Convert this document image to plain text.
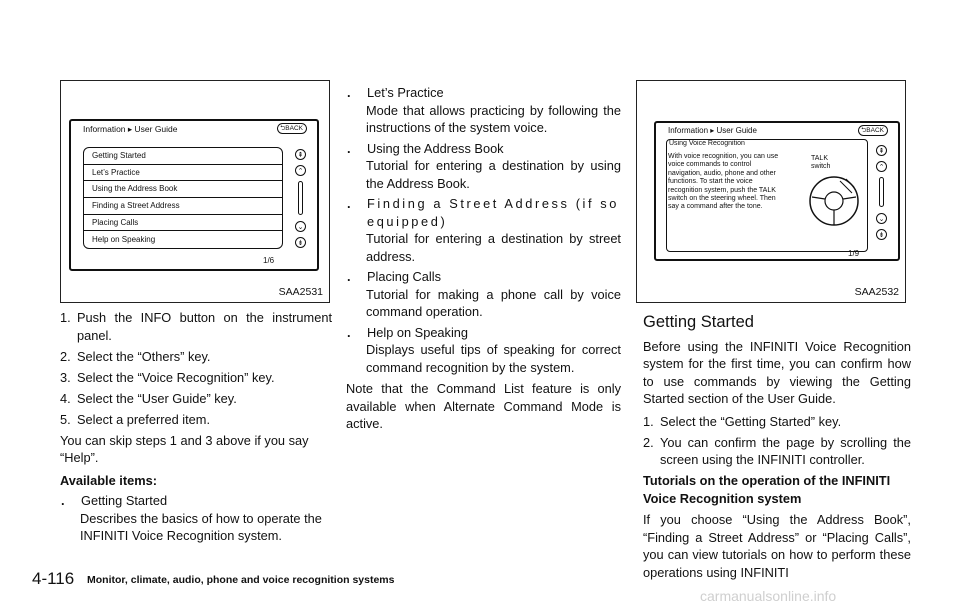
Information ▸ User Guide	⮌BACK
Getting Started
Let’s Practice
Using the Address Book
Finding a Street Address
Placing Calls
Help on Speaking
⇞
⌃
⌄
⇟
1/6
SAA2531
1. Push the INFO button on the instrument panel.
2. Select the “Others” key.
3. Select the “Voice Recognition” key.
4. Select the “User Guide” key.
5. Select a preferred item.

You can skip steps 1 and 3 above if you say “Help”.

Available items:

.	Getting Started

Describes the basics of how to operate the INFINITI Voice Recognition system.

.	Let’s Practice

Mode that allows practicing by following the instructions of the system voice.

.	Using the Address Book

Tutorial for entering a destination by using the Address Book.

.	Finding a Street Address (if so equipped)

Tutorial for entering a destination by street address.

.	Placing Calls

Tutorial for making a phone call by voice command operation.

.	Help on Speaking

Displays useful tips of speaking for correct command recognition by the system.

Note that the Command List feature is only available when Alternate Command Mode is active.

Information ▸ User Guide	⮌BACK
Using Voice Recognition
With voice recognition, you can use voice commands to control navigation, audio, phone and other functions. To start the voice recognition system, push the TALK switch on the steering wheel. Then say a command after the tone.
TALK switch
⇞
⌃
⌄
⇟
1/9
SAA2532
Getting Started

Before using the INFINITI Voice Recognition system for the first time, you can confirm how to use commands by viewing the Getting Started section of the User Guide.

1. Select the “Getting Started” key.
2. You can confirm the page by scrolling the screen using the INFINITI controller.

Tutorials on the operation of the INFINITI Voice Recognition system

If you choose “Using the Address Book”, “Finding a Street Address” or “Placing Calls”, you can view tutorials on how to perform these operations using INFINITI

4-116 Monitor, climate, audio, phone and voice recognition systems
carmanualsonline.info
